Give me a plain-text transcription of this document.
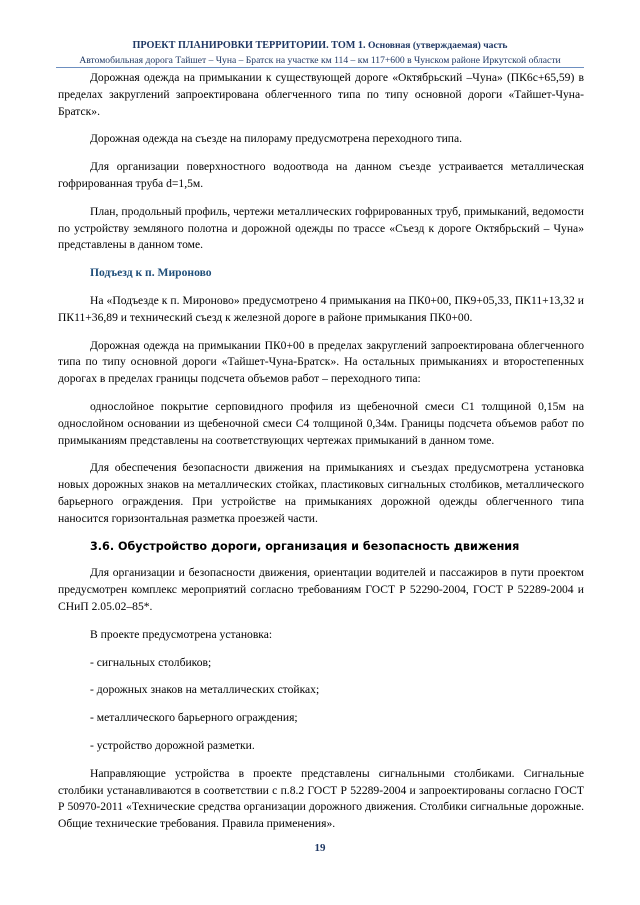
ПРОЕКТ ПЛАНИРОВКИ ТЕРРИТОРИИ. ТОМ 1. Основная (утверждаемая) часть
Автомобильная дорога Тайшет – Чуна – Братск на участке км 114 – км 117+600 в Чунском районе Иркутской области

Дорожная одежда на примыкании к существующей дороге «Октябрьский –Чуна» (ПК6с+65,59) в пределах закруглений запроектирована облегченного типа по типу основной дороги «Тайшет-Чуна-Братск».

Дорожная одежда на съезде на пилораму предусмотрена переходного типа.

Для организации поверхностного водоотвода на данном съезде устраивается металлическая гофрированная труба d=1,5м.

План, продольный профиль, чертежи металлических гофрированных труб, примыканий, ведомости по устройству земляного полотна и дорожной одежды по трассе «Съезд к дороге Октябрьский – Чуна» представлены в данном томе.

Подъезд к п. Мироново

На «Подъезде к п. Мироново» предусмотрено 4 примыкания на ПК0+00, ПК9+05,33, ПК11+13,32 и ПК11+36,89 и технический съезд к железной дороге в районе примыкания ПК0+00.

Дорожная одежда на примыкании ПК0+00 в пределах закруглений запроектирована облегченного типа по типу основной дороги «Тайшет-Чуна-Братск». На остальных примыканиях и второстепенных дорогах в пределах границы подсчета объемов работ – переходного типа:

однослойное покрытие серповидного профиля из щебеночной смеси С1 толщиной 0,15м на однослойном основании из щебеночной смеси С4 толщиной 0,34м. Границы подсчета объемов работ по примыканиям представлены на соответствующих чертежах примыканий в данном томе.

Для обеспечения безопасности движения на примыканиях и съездах предусмотрена установка новых дорожных знаков на металлических стойках, пластиковых сигнальных столбиков, металлического барьерного ограждения. При устройстве на примыканиях дорожной одежды облегченного типа наносится горизонтальная разметка проезжей части.

3.6. Обустройство дороги, организация и безопасность движения

Для организации и безопасности движения, ориентации водителей и пассажиров в пути проектом предусмотрен комплекс мероприятий согласно требованиям ГОСТ Р 52290-2004, ГОСТ Р 52289-2004 и СНиП 2.05.02–85*.

В проекте предусмотрена установка:

- сигнальных столбиков;

- дорожных знаков на металлических стойках;

- металлического барьерного ограждения;

- устройство дорожной разметки.

Направляющие устройства в проекте представлены сигнальными столбиками. Сигнальные столбики устанавливаются в соответствии с п.8.2 ГОСТ Р 52289-2004 и запроектированы согласно ГОСТ Р 50970-2011 «Технические средства организации дорожного движения. Столбики сигнальные дорожные. Общие технические требования. Правила применения».

19
